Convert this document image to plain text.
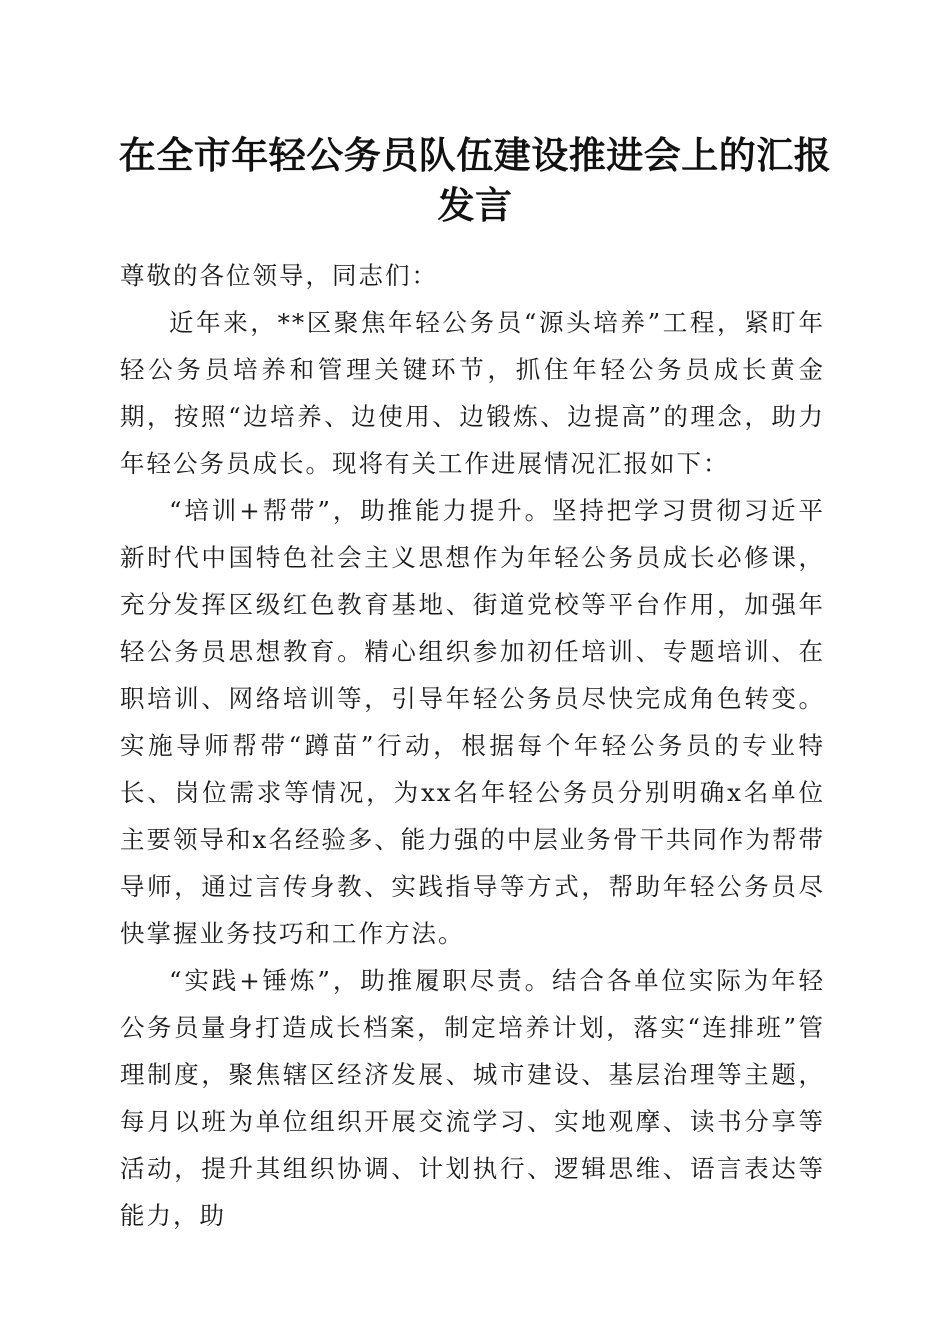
在全市年轻公务员队伍建设推进会上的汇报发言

尊敬的各位领导，同志们：

近年来，**区聚焦年轻公务员“源头培养”工程，紧盯年轻公务员培养和管理关键环节，抓住年轻公务员成长黄金期，按照“边培养、边使用、边锻炼、边提高”的理念，助力年轻公务员成长。现将有关工作进展情况汇报如下：

“培训+帮带”，助推能力提升。坚持把学习贯彻习近平新时代中国特色社会主义思想作为年轻公务员成长必修课，充分发挥区级红色教育基地、街道党校等平台作用，加强年轻公务员思想教育。精心组织参加初任培训、专题培训、在职培训、网络培训等，引导年轻公务员尽快完成角色转变。实施导师帮带“蹲苗”行动，根据每个年轻公务员的专业特长、岗位需求等情况，为xx名年轻公务员分别明确x名单位主要领导和x名经验多、能力强的中层业务骨干共同作为帮带导师，通过言传身教、实践指导等方式，帮助年轻公务员尽快掌握业务技巧和工作方法。

“实践+锤炼”，助推履职尽责。结合各单位实际为年轻公务员量身打造成长档案，制定培养计划，落实“连排班”管理制度，聚焦辖区经济发展、城市建设、基层治理等主题，每月以班为单位组织开展交流学习、实地观摩、读书分享等活动，提升其组织协调、计划执行、逻辑思维、语言表达等能力，助
